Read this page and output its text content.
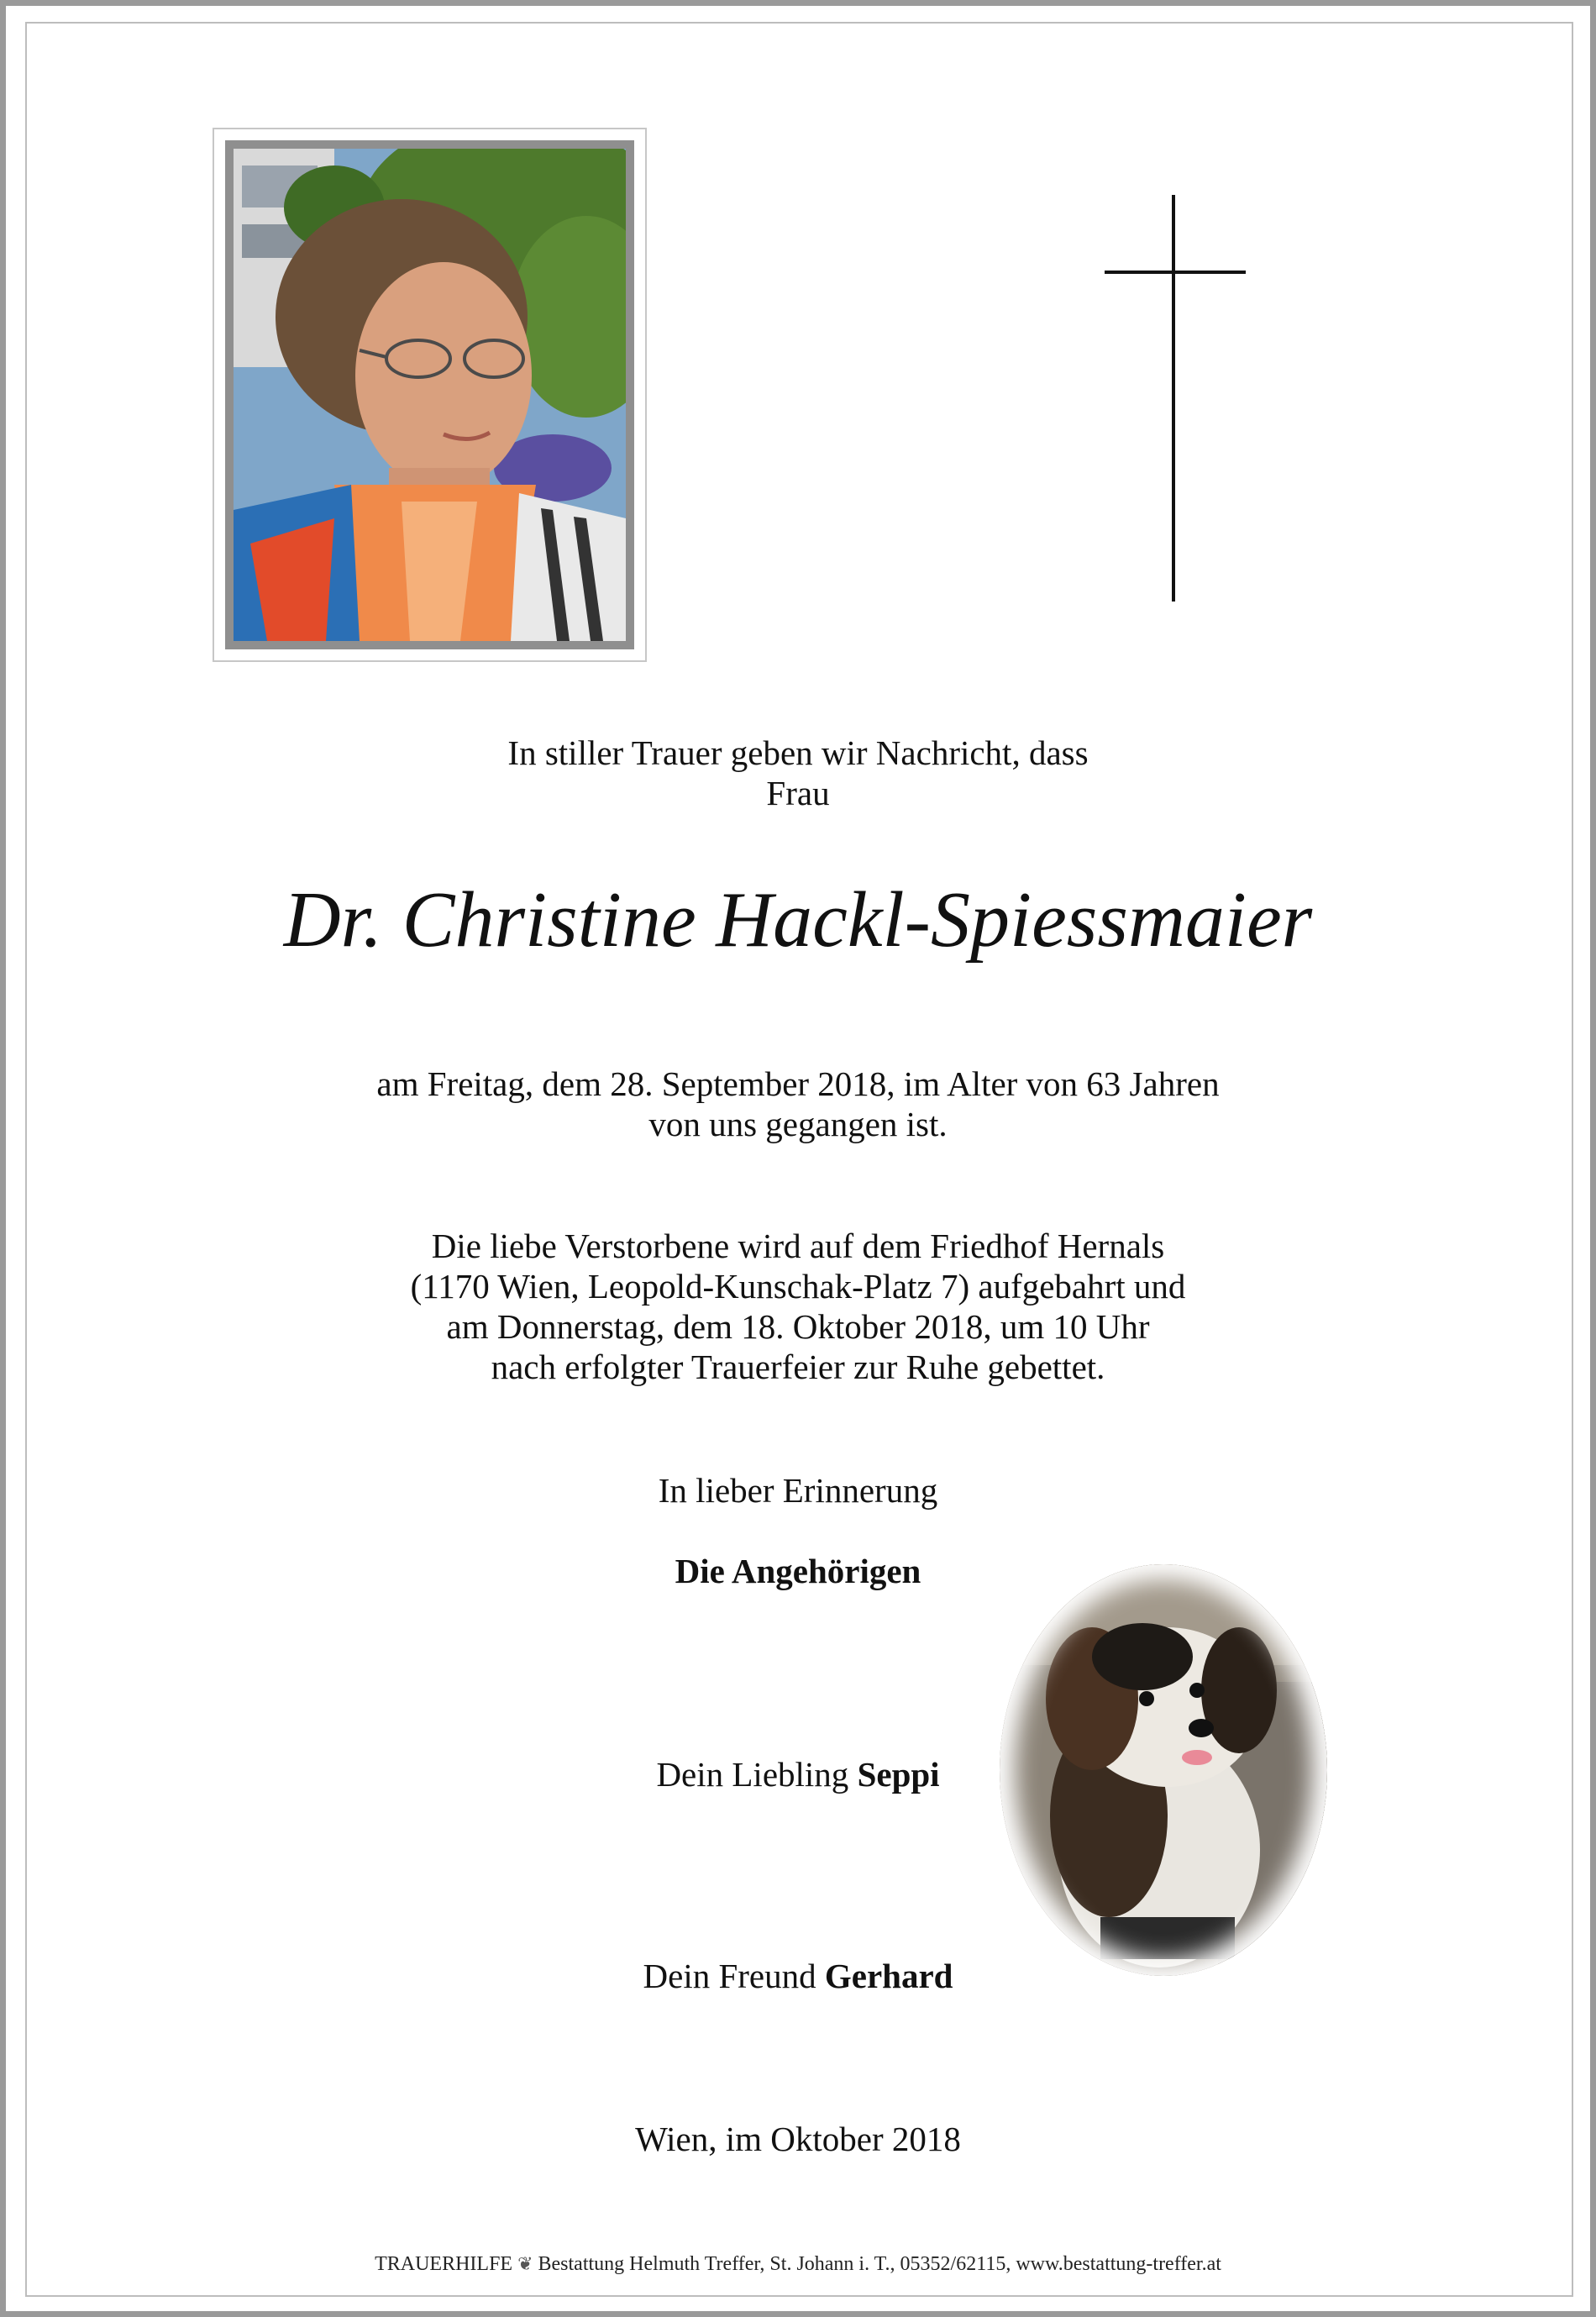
In stiller Trauer geben wir Nachricht, dass
Frau
Dr. Christine Hackl-Spiessmaier
am Freitag, dem 28. September 2018, im Alter von 63 Jahren
von uns gegangen ist.
Die liebe Verstorbene wird auf dem Friedhof Hernals
(1170 Wien, Leopold-Kunschak-Platz 7) aufgebahrt und
am Donnerstag, dem 18. Oktober 2018, um 10 Uhr
nach erfolgter Trauerfeier zur Ruhe gebettet.
In lieber Erinnerung
Die Angehörigen
Dein Liebling Seppi
Dein Freund Gerhard
Wien, im Oktober 2018
TRAUERHILFE ❦ Bestattung Helmuth Treffer, St. Johann i. T., 05352/62115, www.bestattung-treffer.at
